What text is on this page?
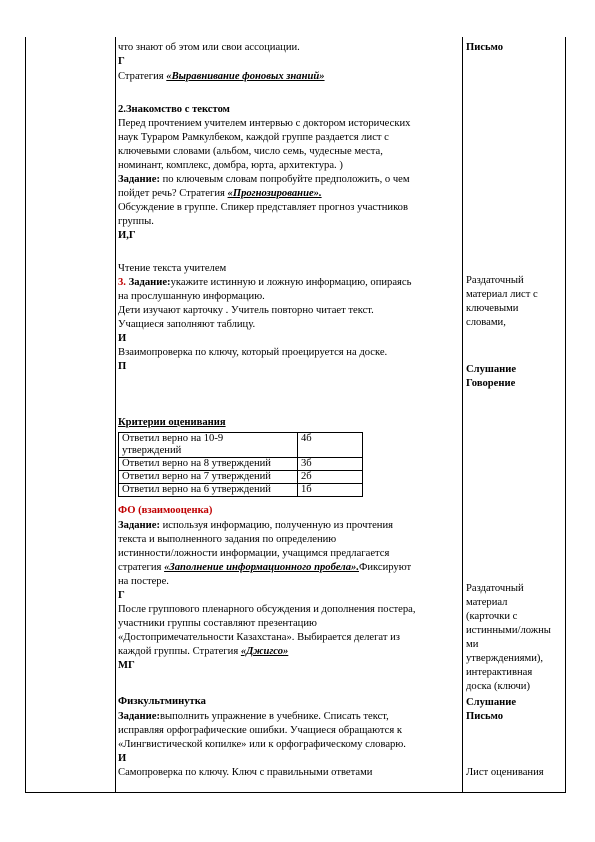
что знают об этом или свои ассоциации.
Г
Стратегия «Выравнивание фоновых знаний»
2.Знакомство с текстом
Перед прочтением учителем интервью с доктором исторических
наук Тураром Рамкулбеком, каждой группе раздается лист с
ключевыми словами (альбом, число семь, чудесные места,
номинант, комплекс, домбра, юрта, архитектура. )
Задание: по ключевым словам попробуйте предположить, о чем
пойдет речь? Стратегия «Прогнозирование».
Обсуждение в группе. Спикер представляет прогноз участников
группы.
И,Г
Чтение текста учителем
3. Задание:укажите истинную и ложную информацию, опираясь
на прослушанную информацию.
Дети изучают карточку . Учитель повторно читает текст.
Учащиеся заполняют таблицу.
И
Взаимопроверка по ключу, который проецируется на доске.
П
Критерии оценивания
Ответил верно на 10-9
утверждений	4б
Ответил верно на 8 утверждений	3б
Ответил верно на 7 утверждений	2б
Ответил верно на 6 утверждений	1б
ФО (взаимооценка)
Задание: используя информацию, полученную из прочтения
текста и выполненного задания по определению
истинности/ложности информации, учащимся предлагается
стратегия «Заполнение информационного пробела».Фиксируют
на постере.
Г
После группового пленарного обсуждения и дополнения постера,
участники группы составляют презентацию
«Достопримечательности Казахстана». Выбирается делегат из
каждой группы. Стратегия «Джигсо»
МГ
Физкультминутка
Задание:выполнить упражнение в учебнике. Списать текст,
исправляя орфографические ошибки. Учащиеся обращаются к
«Лингвистической копилке» или к орфографическому словарю.
И
Самопроверка по ключу. Ключ с правильными ответами
Письмо
Раздаточный
материал лист с
ключевыми
словами,
Слушание
Говорение
Раздаточный
материал
(карточки с
истинными/ложны
ми
утверждениями),
интерактивная
доска (ключи)
Слушание
Письмо
Лист оценивания
